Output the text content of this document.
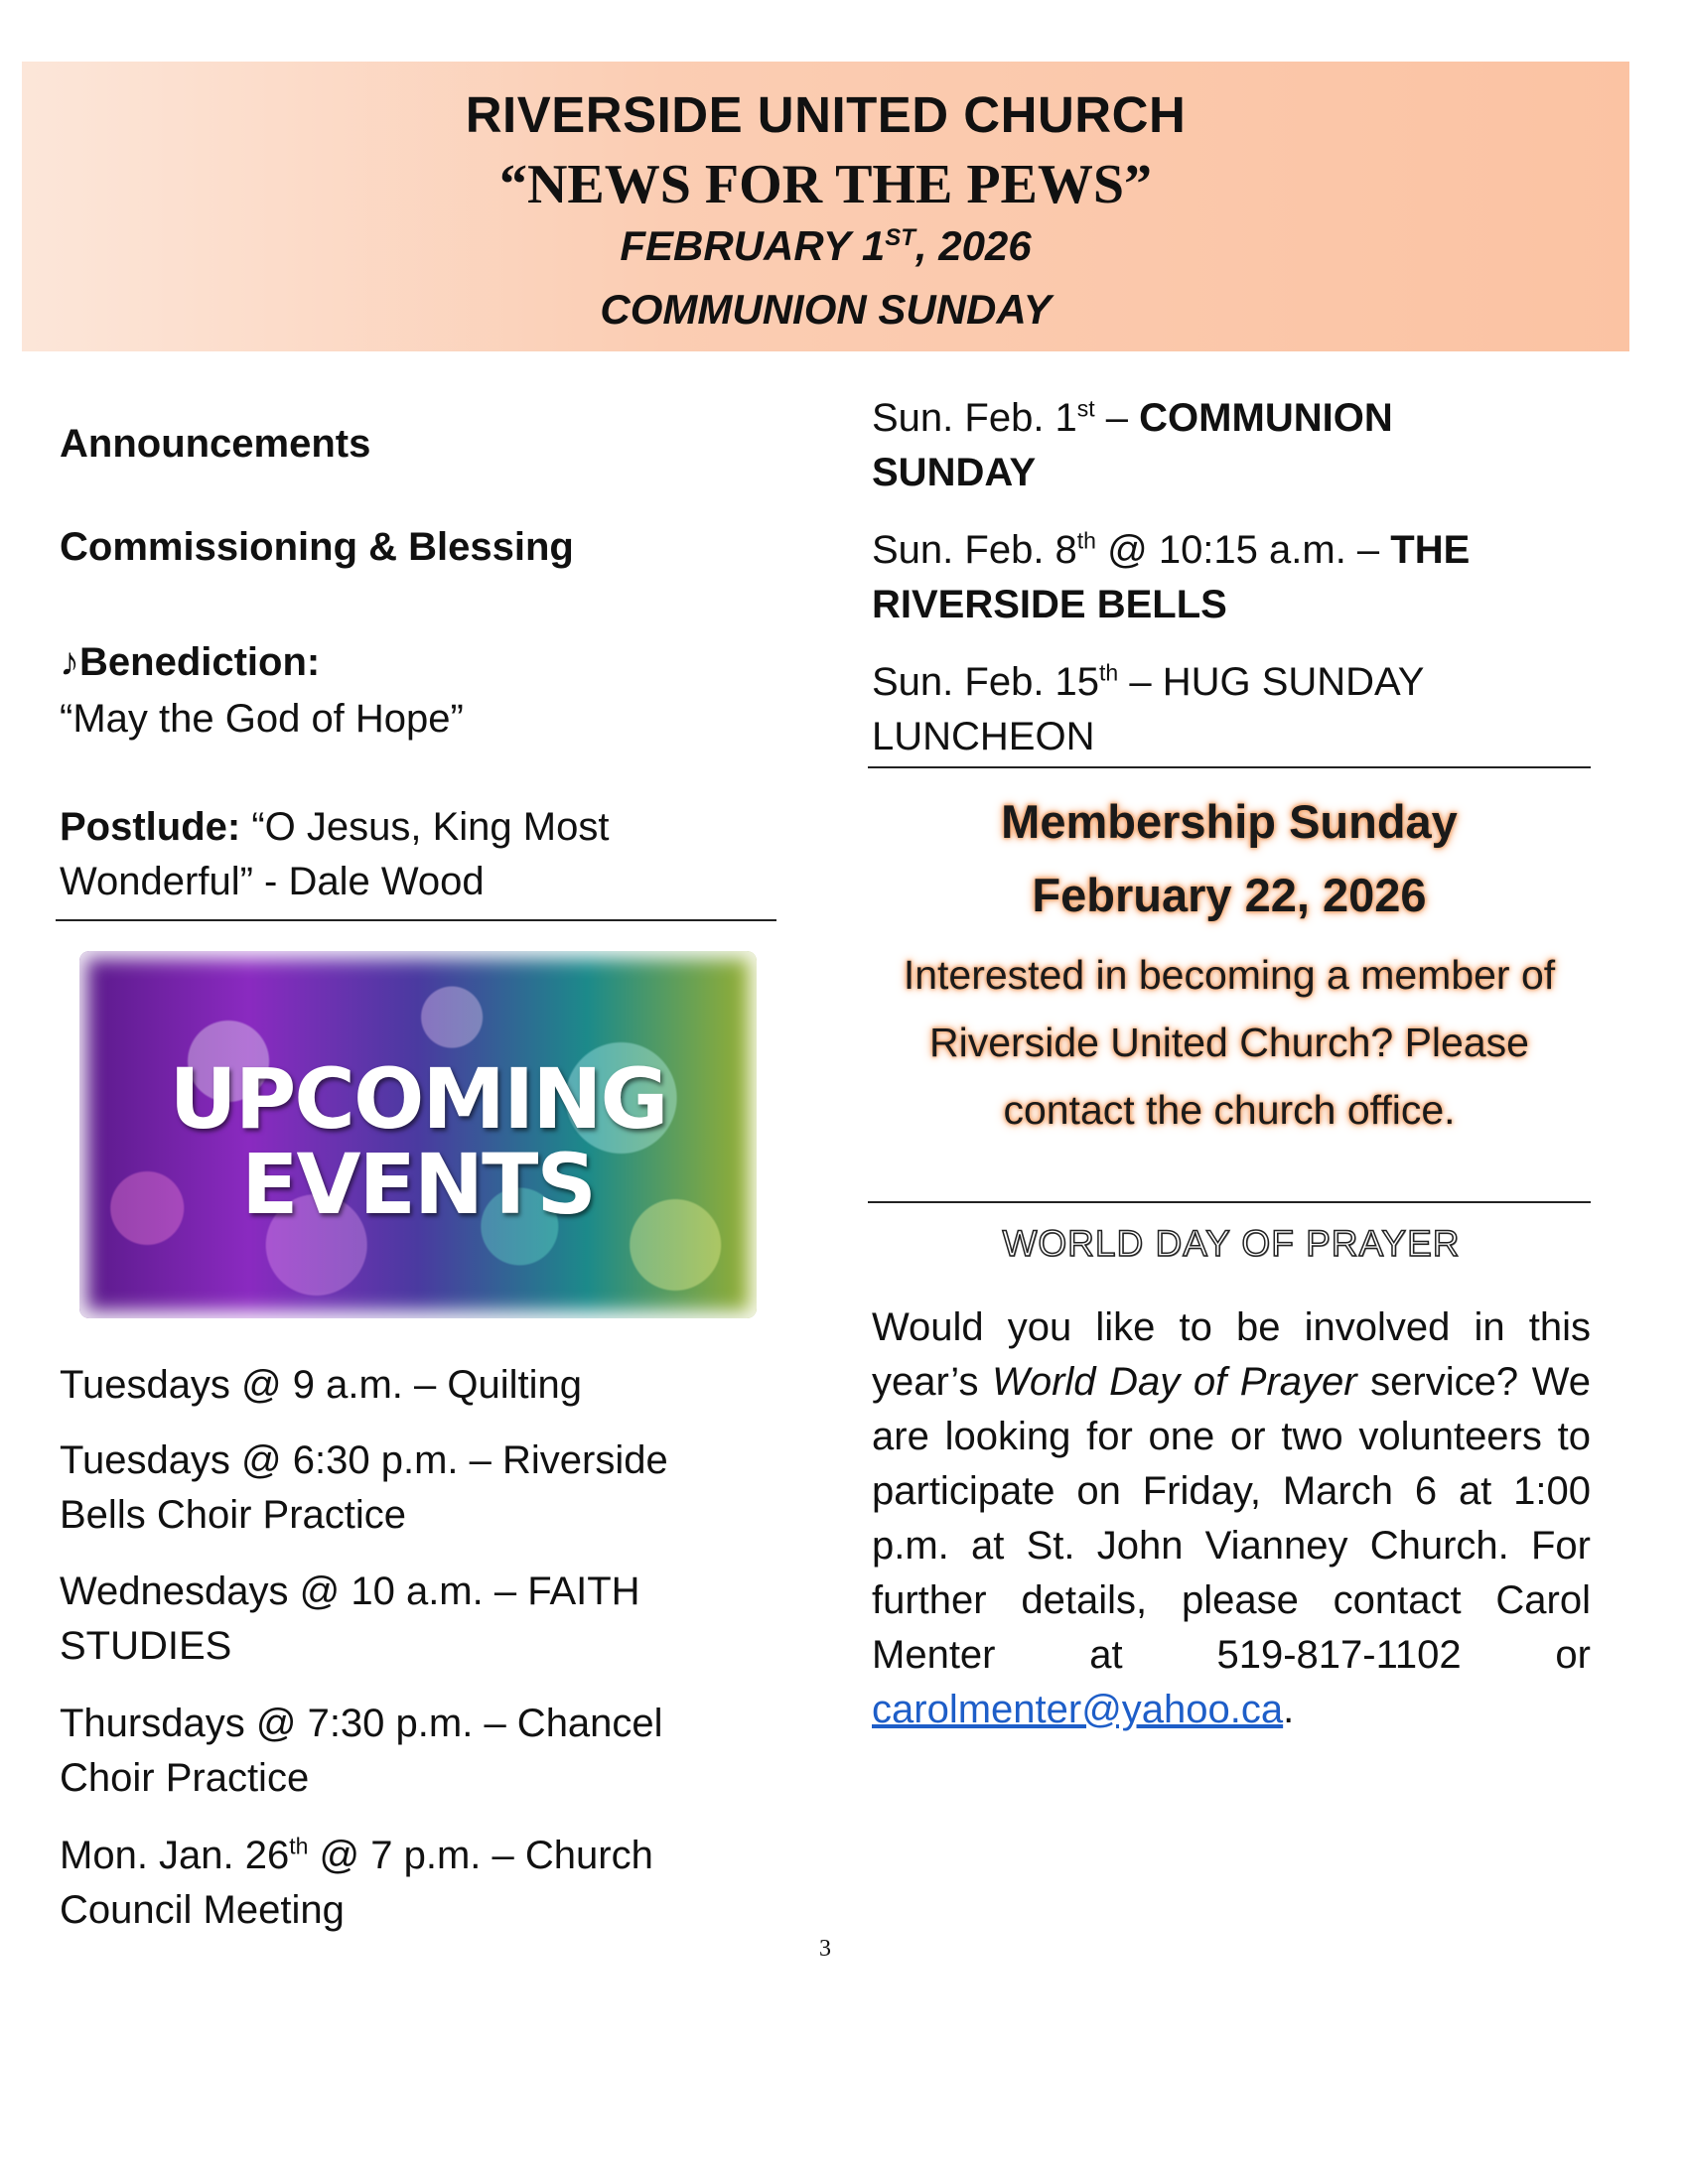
RIVERSIDE UNITED CHURCH
“NEWS FOR THE PEWS”
FEBRUARY 1ST, 2026
COMMUNION SUNDAY
Announcements
Commissioning & Blessing
♪Benediction:
“May the God of Hope”
Postlude: “O Jesus, King Most
Wonderful” - Dale Wood
UPCOMING
EVENTS
Tuesdays @ 9 a.m. – Quilting
Tuesdays @ 6:30 p.m. – Riverside
Bells Choir Practice
Wednesdays @ 10 a.m. – FAITH
STUDIES
Thursdays @ 7:30 p.m. – Chancel
Choir Practice
Mon. Jan. 26th @ 7 p.m. – Church
Council Meeting
Sun. Feb. 1st – COMMUNION
SUNDAY
Sun. Feb. 8th @ 10:15 a.m. – THE
RIVERSIDE BELLS
Sun. Feb. 15th – HUG SUNDAY
LUNCHEON
Membership Sunday
February 22, 2026
Interested in becoming a member of
Riverside United Church? Please
contact the church office.
WORLD DAY OF PRAYER
Would you like to be involved in this year’s World Day of Prayer service? We are looking for one or two volunteers to participate on Friday, March 6 at 1:00 p.m. at St. John Vianney Church. For further details, please contact Carol Menter at 519-817-1102 or carolmenter@yahoo.ca.
3
